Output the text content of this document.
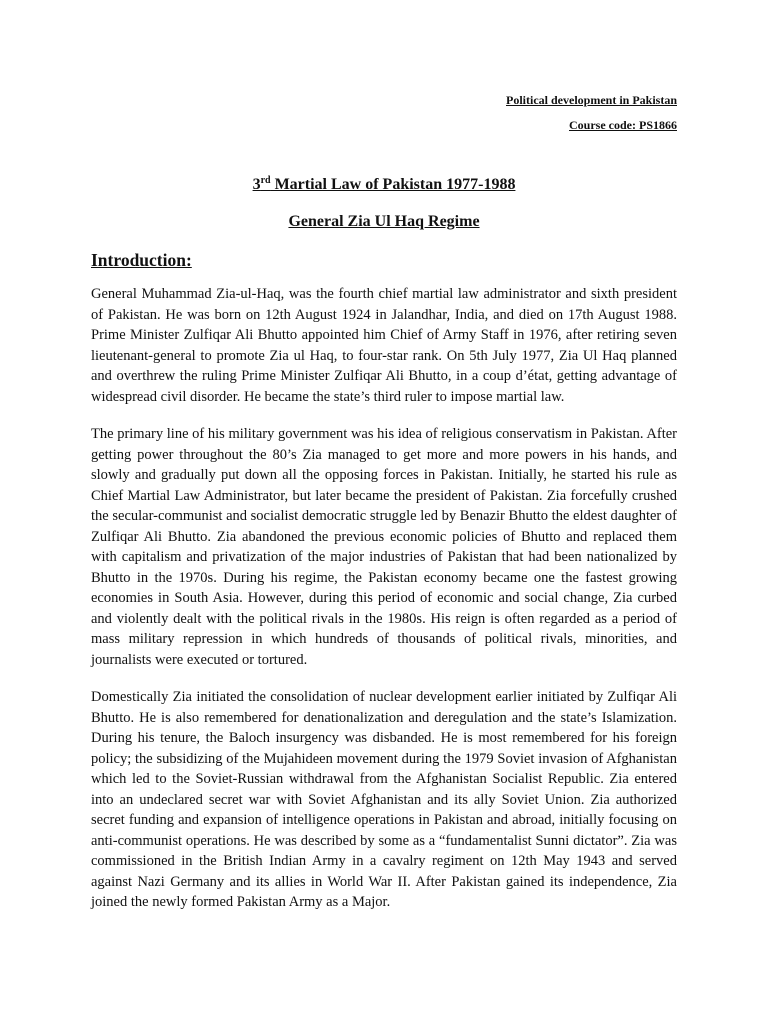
Political development in Pakistan
Course code: PS1866
3rd Martial Law of Pakistan 1977-1988
General Zia Ul Haq Regime
Introduction:

General Muhammad Zia-ul-Haq, was the fourth chief martial law administrator and sixth president of Pakistan. He was born on 12th August 1924 in Jalandhar, India, and died on 17th August 1988. Prime Minister Zulfiqar Ali Bhutto appointed him Chief of Army Staff in 1976, after retiring seven lieutenant-general to promote Zia ul Haq, to four-star rank. On 5th July 1977, Zia Ul Haq planned and overthrew the ruling Prime Minister Zulfiqar Ali Bhutto, in a coup d’état, getting advantage of widespread civil disorder. He became the state’s third ruler to impose martial law.

The primary line of his military government was his idea of religious conservatism in Pakistan. After getting power throughout the 80’s Zia managed to get more and more powers in his hands, and slowly and gradually put down all the opposing forces in Pakistan. Initially, he started his rule as Chief Martial Law Administrator, but later became the president of Pakistan. Zia forcefully crushed the secular-communist and socialist democratic struggle led by Benazir Bhutto the eldest daughter of Zulfiqar Ali Bhutto. Zia abandoned the previous economic policies of Bhutto and replaced them with capitalism and privatization of the major industries of Pakistan that had been nationalized by Bhutto in the 1970s. During his regime, the Pakistan economy became one the fastest growing economies in South Asia. However, during this period of economic and social change, Zia curbed and violently dealt with the political rivals in the 1980s. His reign is often regarded as a period of mass military repression in which hundreds of thousands of political rivals, minorities, and journalists were executed or tortured.

Domestically Zia initiated the consolidation of nuclear development earlier initiated by Zulfiqar Ali Bhutto. He is also remembered for denationalization and deregulation and the state’s Islamization.  During his tenure, the Baloch insurgency was disbanded. He is most remembered for his foreign policy; the subsidizing of the Mujahideen movement during the 1979 Soviet invasion of Afghanistan which led to the Soviet-Russian withdrawal from the Afghanistan Socialist Republic. Zia entered into an undeclared secret war with Soviet Afghanistan and its ally Soviet Union. Zia authorized secret funding and expansion of intelligence operations in Pakistan and abroad, initially focusing on anti-communist operations. He was described by some as a “fundamentalist Sunni dictator”. Zia was commissioned in the British Indian Army in a cavalry regiment on 12th May 1943 and served against Nazi Germany and its allies in World War II. After Pakistan gained its independence, Zia joined the newly formed Pakistan Army as a Major.
